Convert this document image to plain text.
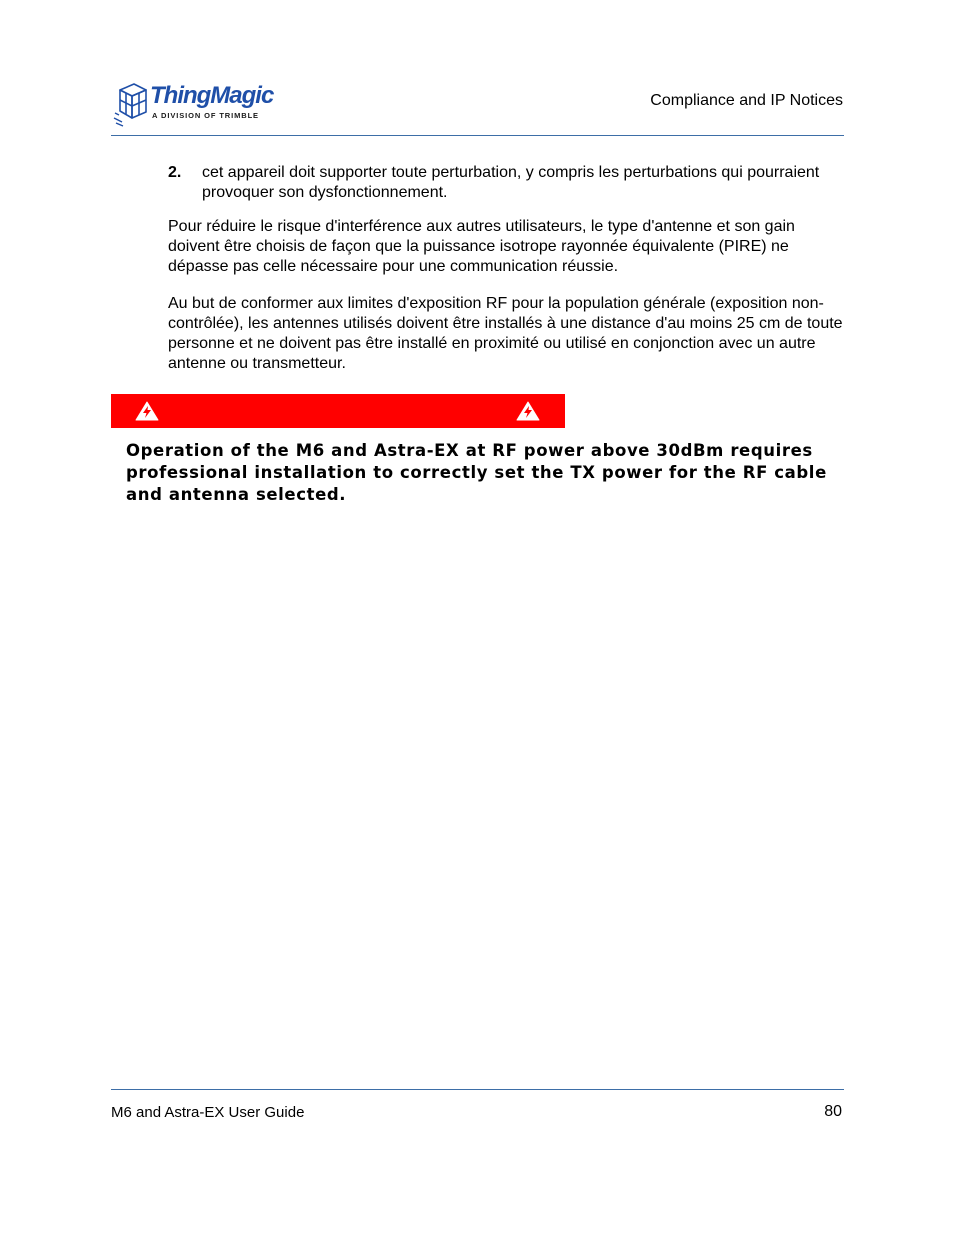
ThingMagic
A DIVISION OF TRIMBLE
Compliance and IP Notices
2. cet appareil doit supporter toute perturbation, y compris les perturbations qui pourraient provoquer son dysfonctionnement.
Pour réduire le risque d'interférence aux autres utilisateurs, le type d'antenne et son gain doivent être choisis de façon que la puissance isotrope rayonnée équivalente (PIRE) ne dépasse pas celle nécessaire pour une communication réussie.
Au but de conformer aux limites d'exposition RF pour la population générale (exposition non-contrôlée), les antennes utilisés doivent être installés à une distance d'au moins 25 cm de toute personne et ne doivent pas être installé en proximité ou utilisé en conjonction avec un autre antenne ou transmetteur.
Operation of the M6 and Astra-EX at RF power above 30dBm requires professional installation to correctly set the TX power for the RF cable and antenna selected.
M6 and Astra-EX User Guide	80
